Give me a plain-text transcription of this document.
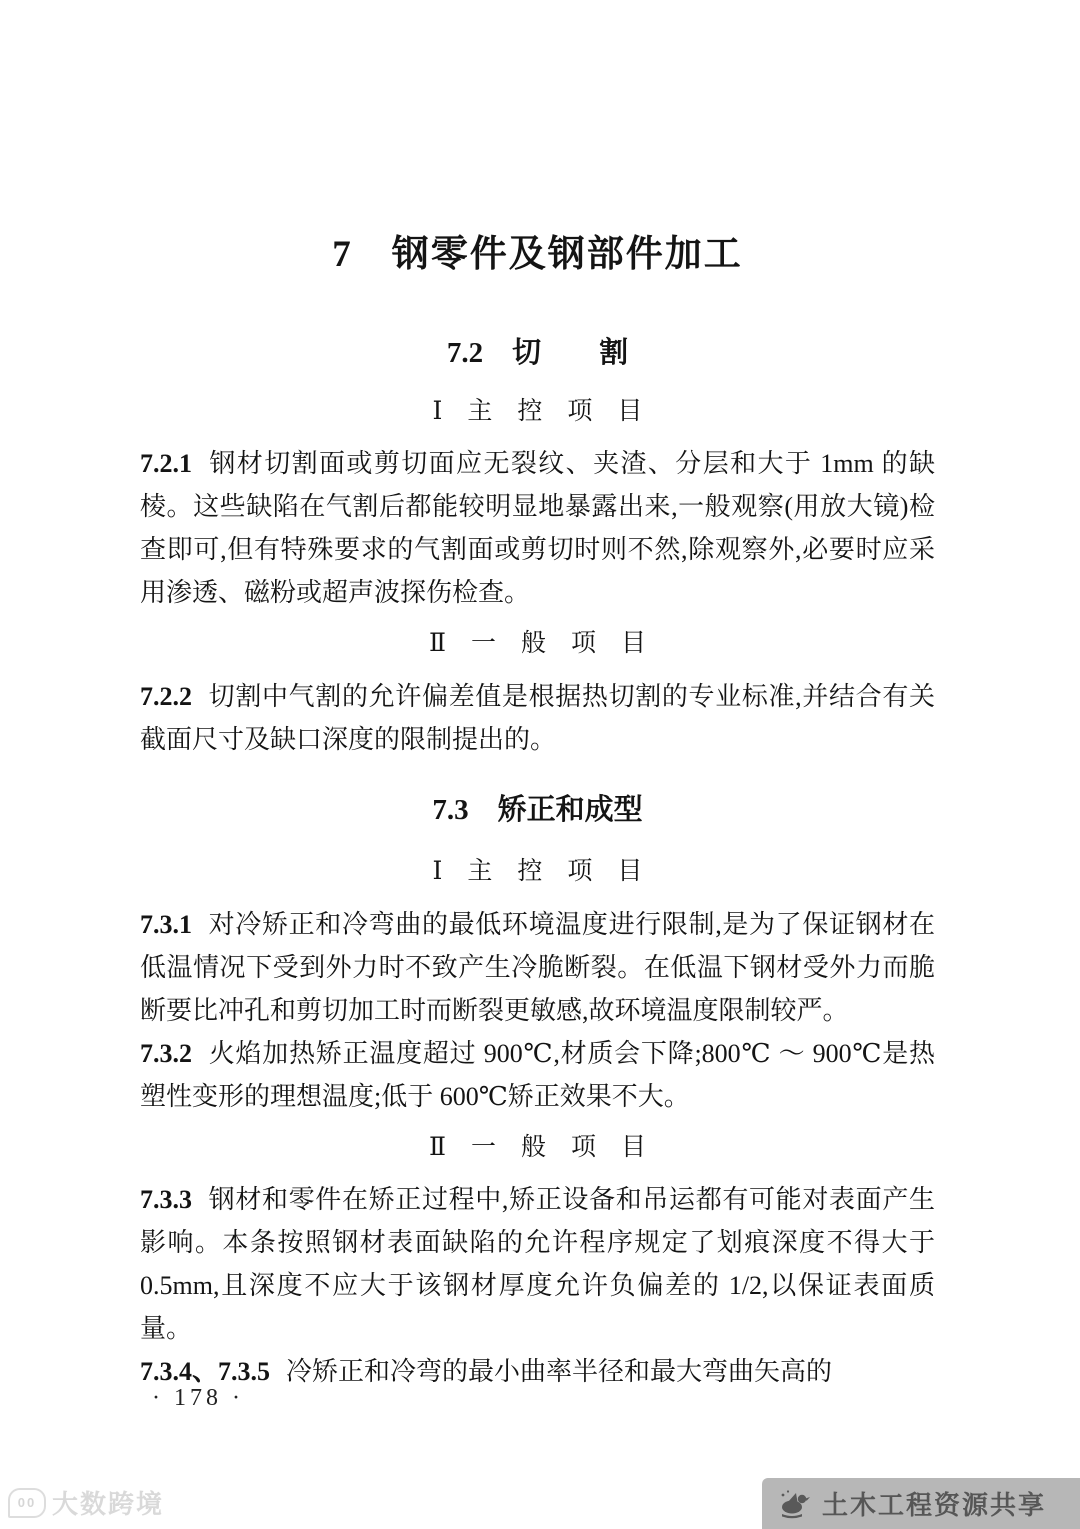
7　钢零件及钢部件加工
7.2　切　　割
Ⅰ　主　控　项　目

7.2.1 钢材切割面或剪切面应无裂纹、夹渣、分层和大于 1mm 的缺棱。这些缺陷在气割后都能较明显地暴露出来,一般观察(用放大镜)检查即可,但有特殊要求的气割面或剪切时则不然,除观察外,必要时应采用渗透、磁粉或超声波探伤检查。

Ⅱ　一　般　项　目

7.2.2 切割中气割的允许偏差值是根据热切割的专业标准,并结合有关截面尺寸及缺口深度的限制提出的。

7.3　矫正和成型
Ⅰ　主　控　项　目

7.3.1 对冷矫正和冷弯曲的最低环境温度进行限制,是为了保证钢材在低温情况下受到外力时不致产生冷脆断裂。在低温下钢材受外力而脆断要比冲孔和剪切加工时而断裂更敏感,故环境温度限制较严。

7.3.2 火焰加热矫正温度超过 900℃,材质会下降;800℃ ～ 900℃是热塑性变形的理想温度;低于 600℃矫正效果不大。

Ⅱ　一　般　项　目

7.3.3 钢材和零件在矫正过程中,矫正设备和吊运都有可能对表面产生影响。本条按照钢材表面缺陷的允许程序规定了划痕深度不得大于 0.5mm,且深度不应大于该钢材厚度允许负偏差的 1/2,以保证表面质量。

7.3.4、7.3.5 冷矫正和冷弯的最小曲率半径和最大弯曲矢高的

· 178 ·
00 大数跨境	土木工程资源共享
